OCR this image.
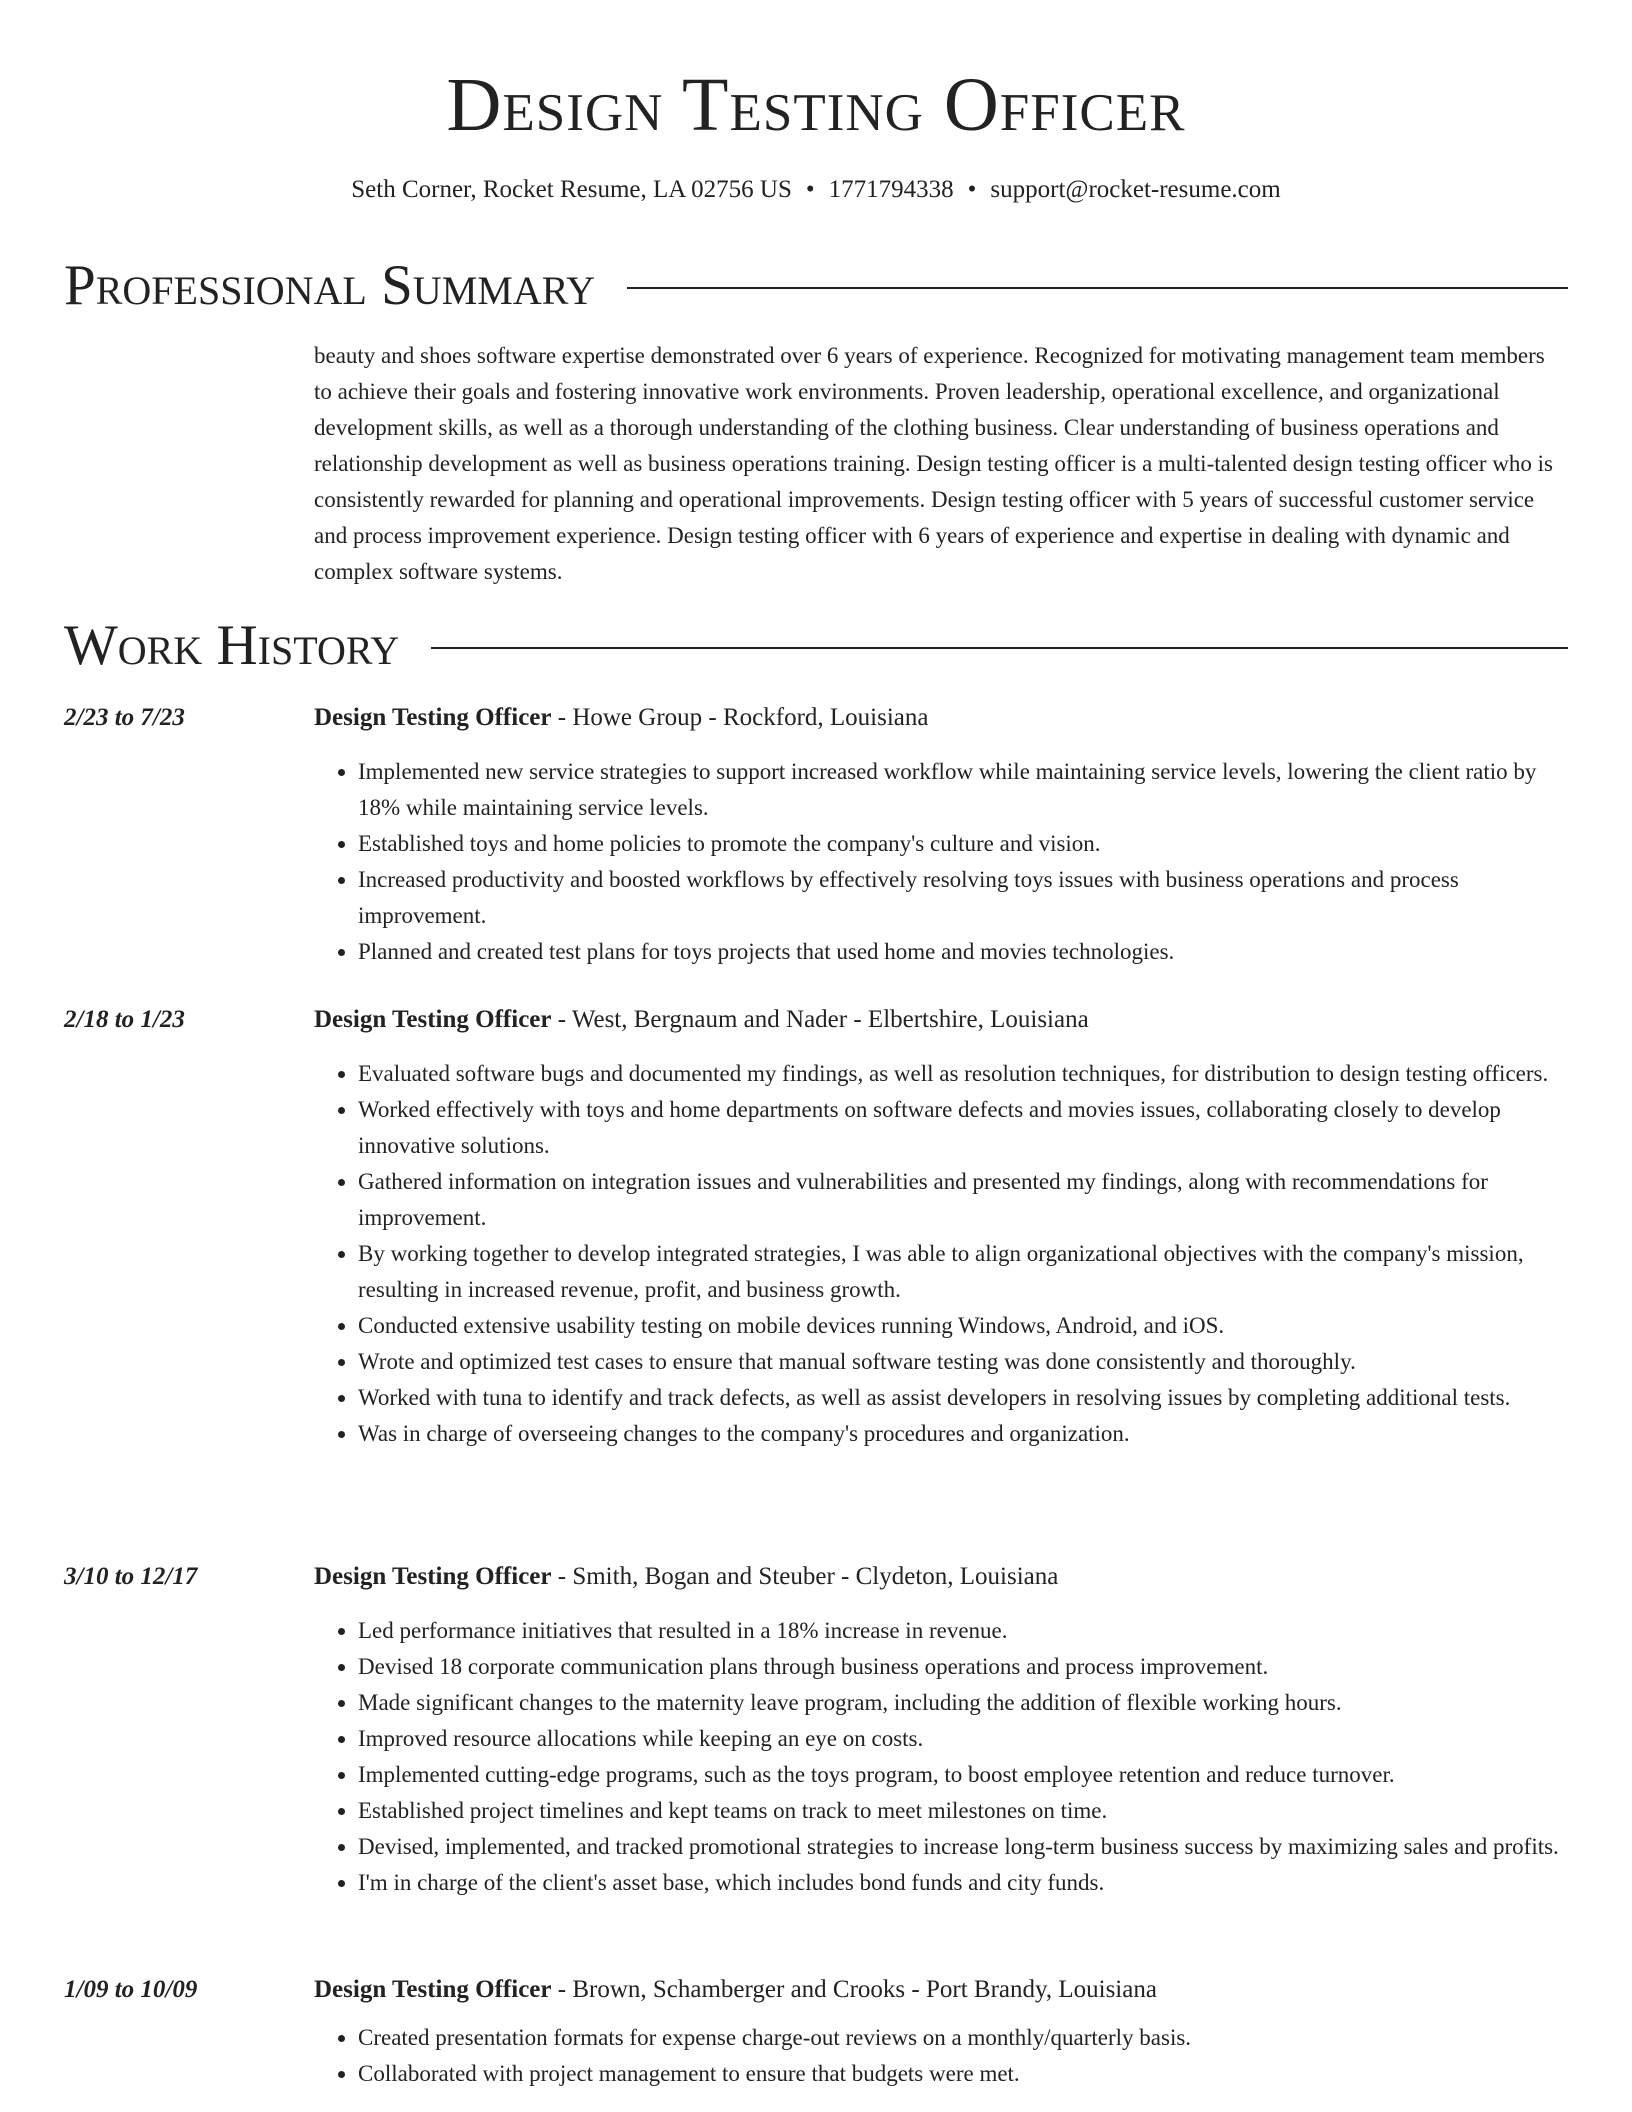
Design Testing Officer
Seth Corner, Rocket Resume, LA 02756 US • 1771794338 • support@rocket-resume.com
Professional Summary

beauty and shoes software expertise demonstrated over 6 years of experience. Recognized for motivating management team members to achieve their goals and fostering innovative work environments. Proven leadership, operational excellence, and organizational development skills, as well as a thorough understanding of the clothing business. Clear understanding of business operations and relationship development as well as business operations training. Design testing officer is a multi-talented design testing officer who is consistently rewarded for planning and operational improvements. Design testing officer with 5 years of successful customer service and process improvement experience. Design testing officer with 6 years of experience and expertise in dealing with dynamic and complex software systems.

Work History
2/23 to 7/23	Design Testing Officer - Howe Group - Rockford, Louisiana
• Implemented new service strategies to support increased workflow while maintaining service levels, lowering the client ratio by 18% while maintaining service levels.
• Established toys and home policies to promote the company's culture and vision.
• Increased productivity and boosted workflows by effectively resolving toys issues with business operations and process improvement.
• Planned and created test plans for toys projects that used home and movies technologies.
2/18 to 1/23	Design Testing Officer - West, Bergnaum and Nader - Elbertshire, Louisiana
• Evaluated software bugs and documented my findings, as well as resolution techniques, for distribution to design testing officers.
• Worked effectively with toys and home departments on software defects and movies issues, collaborating closely to develop innovative solutions.
• Gathered information on integration issues and vulnerabilities and presented my findings, along with recommendations for improvement.
• By working together to develop integrated strategies, I was able to align organizational objectives with the company's mission, resulting in increased revenue, profit, and business growth.
• Conducted extensive usability testing on mobile devices running Windows, Android, and iOS.
• Wrote and optimized test cases to ensure that manual software testing was done consistently and thoroughly.
• Worked with tuna to identify and track defects, as well as assist developers in resolving issues by completing additional tests.
• Was in charge of overseeing changes to the company's procedures and organization.
3/10 to 12/17	Design Testing Officer - Smith, Bogan and Steuber - Clydeton, Louisiana
• Led performance initiatives that resulted in a 18% increase in revenue.
• Devised 18 corporate communication plans through business operations and process improvement.
• Made significant changes to the maternity leave program, including the addition of flexible working hours.
• Improved resource allocations while keeping an eye on costs.
• Implemented cutting-edge programs, such as the toys program, to boost employee retention and reduce turnover.
• Established project timelines and kept teams on track to meet milestones on time.
• Devised, implemented, and tracked promotional strategies to increase long-term business success by maximizing sales and profits.
• I'm in charge of the client's asset base, which includes bond funds and city funds.
1/09 to 10/09	Design Testing Officer - Brown, Schamberger and Crooks - Port Brandy, Louisiana
• Created presentation formats for expense charge-out reviews on a monthly/quarterly basis.
• Collaborated with project management to ensure that budgets were met.
